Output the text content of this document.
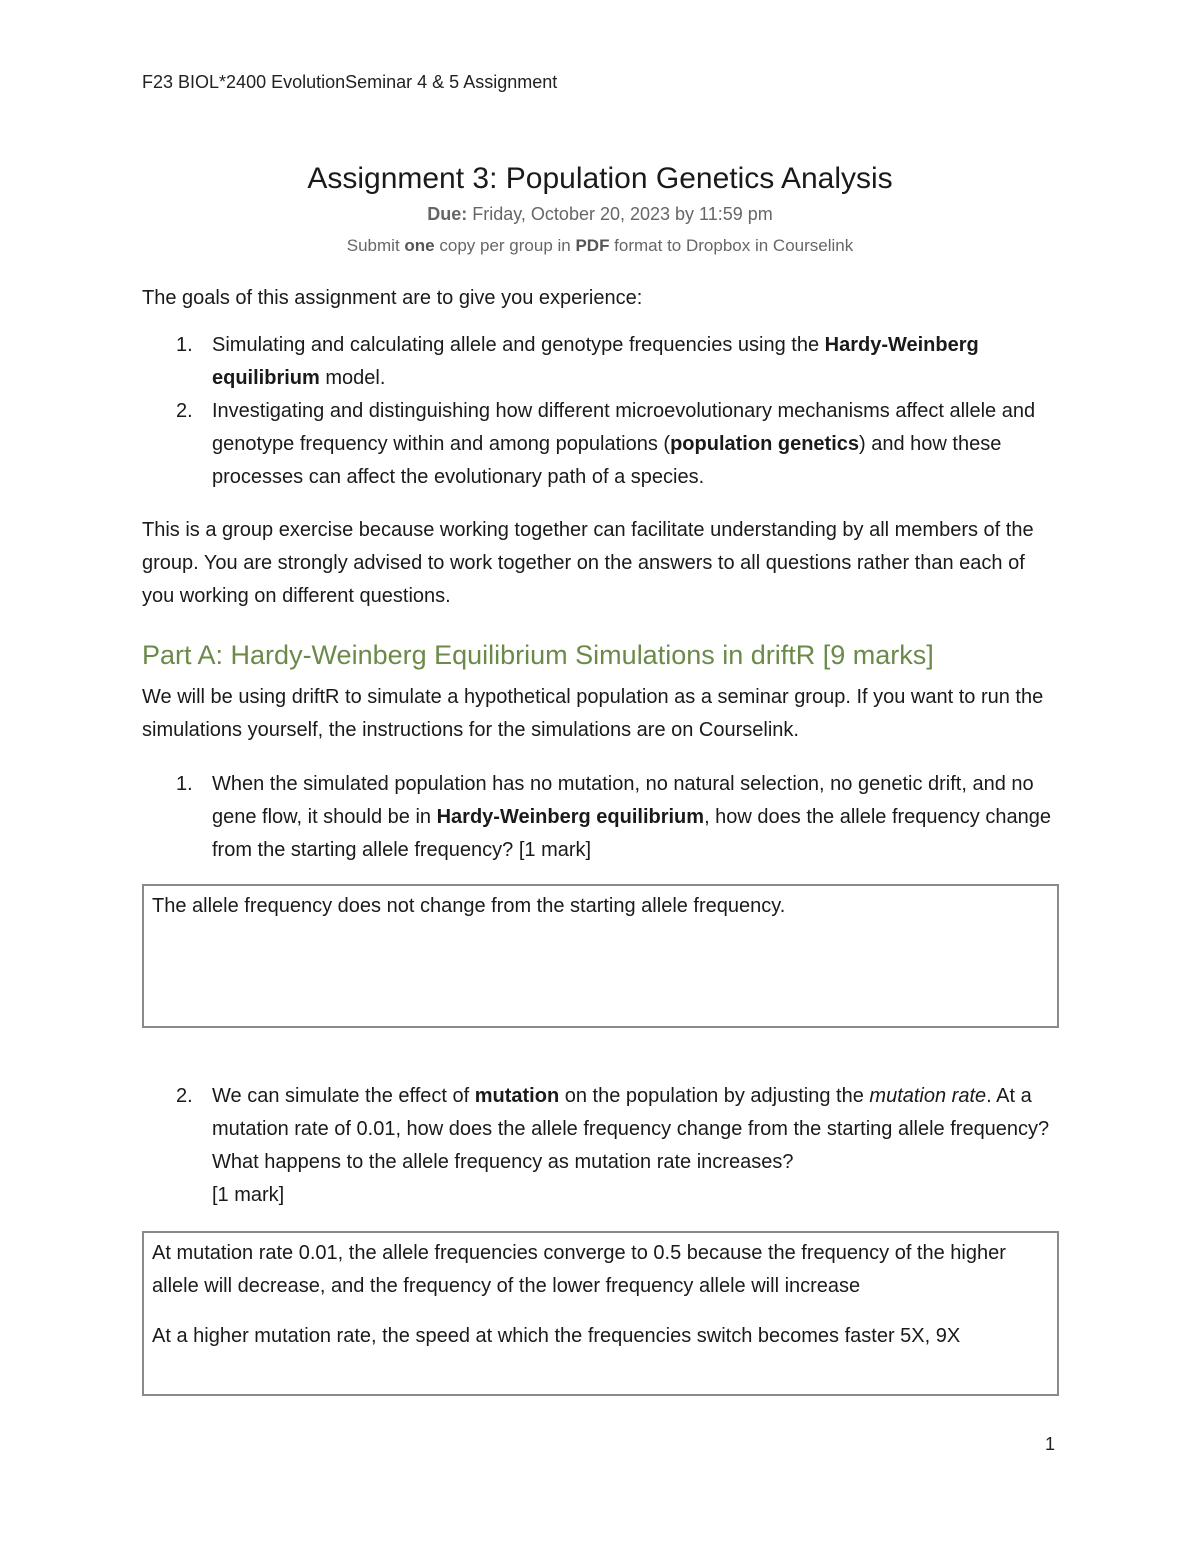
F23 BIOL*2400 EvolutionSeminar 4 & 5 Assignment
Assignment 3: Population Genetics Analysis
Due: Friday, October 20, 2023 by 11:59 pm
Submit one copy per group in PDF format to Dropbox in Courselink
The goals of this assignment are to give you experience:
1. Simulating and calculating allele and genotype frequencies using the Hardy-Weinberg equilibrium model.
2. Investigating and distinguishing how different microevolutionary mechanisms affect allele and genotype frequency within and among populations (population genetics) and how these processes can affect the evolutionary path of a species.
This is a group exercise because working together can facilitate understanding by all members of the group. You are strongly advised to work together on the answers to all questions rather than each of you working on different questions.
Part A: Hardy-Weinberg Equilibrium Simulations in driftR [9 marks]
We will be using driftR to simulate a hypothetical population as a seminar group. If you want to run the simulations yourself, the instructions for the simulations are on Courselink.
1. When the simulated population has no mutation, no natural selection, no genetic drift, and no gene flow, it should be in Hardy-Weinberg equilibrium, how does the allele frequency change from the starting allele frequency? [1 mark]

The allele frequency does not change from the starting allele frequency.

2. We can simulate the effect of mutation on the population by adjusting the mutation rate. At a mutation rate of 0.01, how does the allele frequency change from the starting allele frequency? What happens to the allele frequency as mutation rate increases?
[1 mark]

At mutation rate 0.01, the allele frequencies converge to 0.5 because the frequency of the higher allele will decrease, and the frequency of the lower frequency allele will increase

At a higher mutation rate, the speed at which the frequencies switch becomes faster 5X, 9X

1
